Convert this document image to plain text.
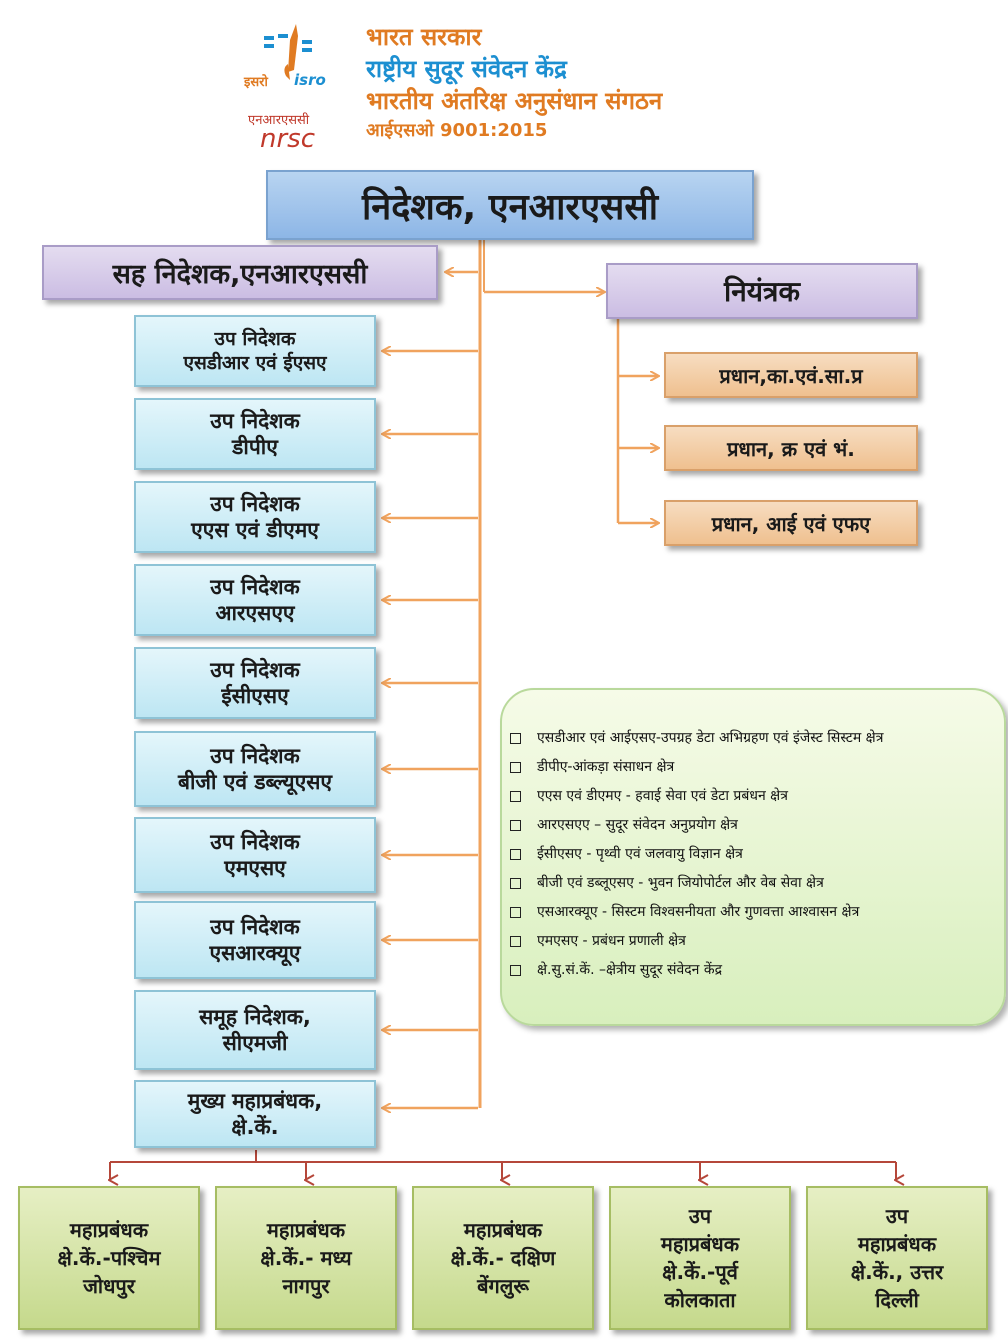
इसरो isro
एनआरएससी
nrsc
भारत सरकार
राष्ट्रीय सुदूर संवेदन केंद्र
भारतीय अंतरिक्ष अनुसंधान संगठन
आईएसओ 9001:2015
निदेशक, एनआरएससी
सह निदेशक,एनआरएससी
नियंत्रक
प्रधान,का.एवं.सा.प्र
प्रधान, क्र एवं भं.
प्रधान, आई एवं एफए
उप निदेशक
एसडीआर एवं ईएसए
उप निदेशक
डीपीए
उप निदेशक
एएस एवं डीएमए
उप निदेशक
आरएसएए
उप निदेशक
ईसीएसए
उप निदेशक
बीजी एवं डब्ल्यूएसए
उप निदेशक
एमएसए
उप निदेशक
एसआरक्यूए
समूह निदेशक,
सीएमजी
मुख्य महाप्रबंधक,
क्षे.कें.
महाप्रबंधक
क्षे.कें.-पश्चिम
जोधपुर
महाप्रबंधक
क्षे.कें.- मध्य
नागपुर
महाप्रबंधक
क्षे.कें.- दक्षिण
बेंगलुरू
उप
महाप्रबंधक
क्षे.कें.-पूर्व
कोलकाता
उप
महाप्रबंधक
क्षे.कें., उत्तर
दिल्ली
एसडीआर एवं आईएसए-उपग्रह डेटा अभिग्रहण एवं इंजेस्ट सिस्टम क्षेत्र
डीपीए-आंकड़ा संसाधन क्षेत्र
एएस एवं डीएमए - हवाई सेवा एवं डेटा प्रबंधन क्षेत्र
आरएसएए – सुदूर संवेदन अनुप्रयोग क्षेत्र
ईसीएसए - पृथ्वी एवं जलवायु विज्ञान क्षेत्र
बीजी एवं डब्लूएसए - भुवन जियोपोर्टल और वेब सेवा क्षेत्र
एसआरक्यूए - सिस्टम विश्वसनीयता और गुणवत्ता आश्वासन क्षेत्र
एमएसए - प्रबंधन प्रणाली क्षेत्र
क्षे.सु.सं.कें. –क्षेत्रीय सुदूर संवेदन केंद्र
